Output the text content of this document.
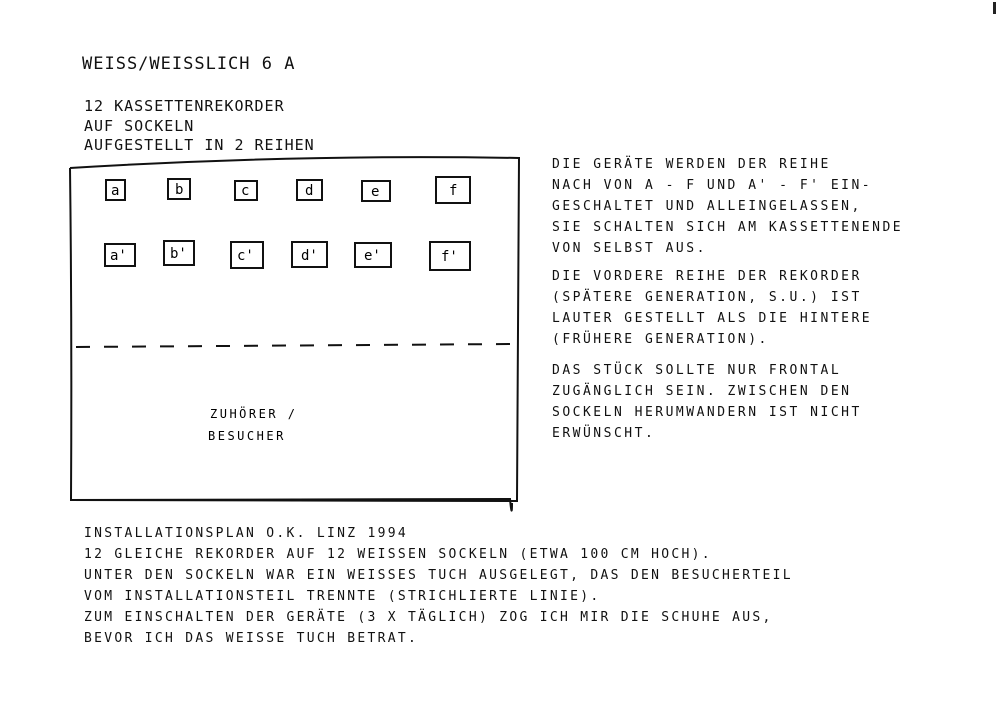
WEISS/WEISSLICH 6 A
12 KASSETTENREKORDER
AUF SOCKELN
AUFGESTELLT IN 2 REIHEN
a	b	c	d	e	f
a'	b'	c'	d'	e'	f'
ZUHÖRER /
BESUCHER
DIE GERÄTE WERDEN DER REIHE
NACH VON A - F UND A' - F' EIN-
GESCHALTET UND ALLEINGELASSEN,
SIE SCHALTEN SICH AM KASSETTENENDE
VON SELBST AUS.
DIE VORDERE REIHE DER REKORDER
(SPÄTERE GENERATION, S.U.) IST
LAUTER GESTELLT ALS DIE HINTERE
(FRÜHERE GENERATION).
DAS STÜCK SOLLTE NUR FRONTAL
ZUGÄNGLICH SEIN. ZWISCHEN DEN
SOCKELN HERUMWANDERN IST NICHT
ERWÜNSCHT.
INSTALLATIONSPLAN O.K. LINZ 1994
12 GLEICHE REKORDER AUF 12 WEISSEN SOCKELN (ETWA 100 CM HOCH).
UNTER DEN SOCKELN WAR EIN WEISSES TUCH AUSGELEGT, DAS DEN BESUCHERTEIL
VOM INSTALLATIONSTEIL TRENNTE (STRICHLIERTE LINIE).
ZUM EINSCHALTEN DER GERÄTE (3 X TÄGLICH) ZOG ICH MIR DIE SCHUHE AUS,
BEVOR ICH DAS WEISSE TUCH BETRAT.
